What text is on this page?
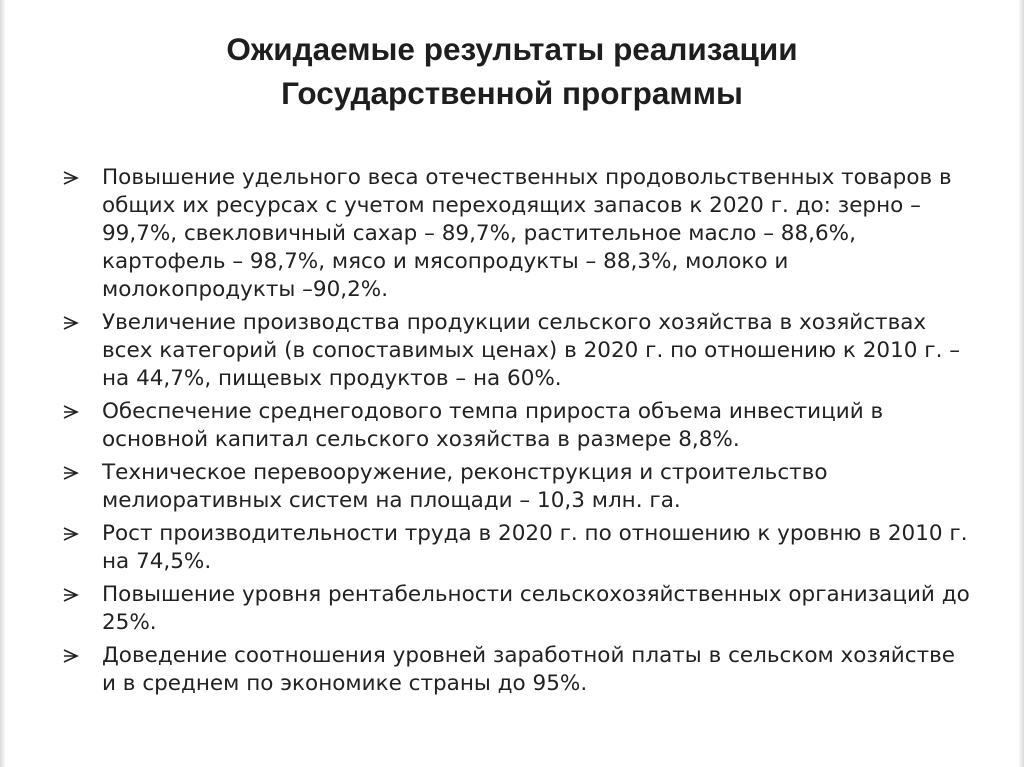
Ожидаемые результаты реализации
Государственной программы
Повышение удельного веса отечественных продовольственных товаров в общих их ресурсах с учетом переходящих запасов к 2020 г. до: зерно – 99,7%, свекловичный сахар – 89,7%, растительное масло – 88,6%, картофель – 98,7%, мясо и мясопродукты – 88,3%, молоко и молокопродукты –90,2%.
Увеличение производства продукции сельского хозяйства в хозяйствах всех категорий (в сопоставимых ценах) в 2020 г. по отношению к 2010 г. – на 44,7%, пищевых продуктов – на 60%.
Обеспечение среднегодового темпа прироста объема инвестиций в основной капитал сельского хозяйства в размере 8,8%.
Техническое перевооружение, реконструкция и строительство мелиоративных систем на площади – 10,3 млн. га.
Рост производительности труда в 2020 г. по отношению к уровню в 2010 г. на 74,5%.
Повышение уровня рентабельности сельскохозяйственных организаций до 25%.
Доведение соотношения уровней заработной платы в сельском хозяйстве и в среднем по экономике страны до 95%.
